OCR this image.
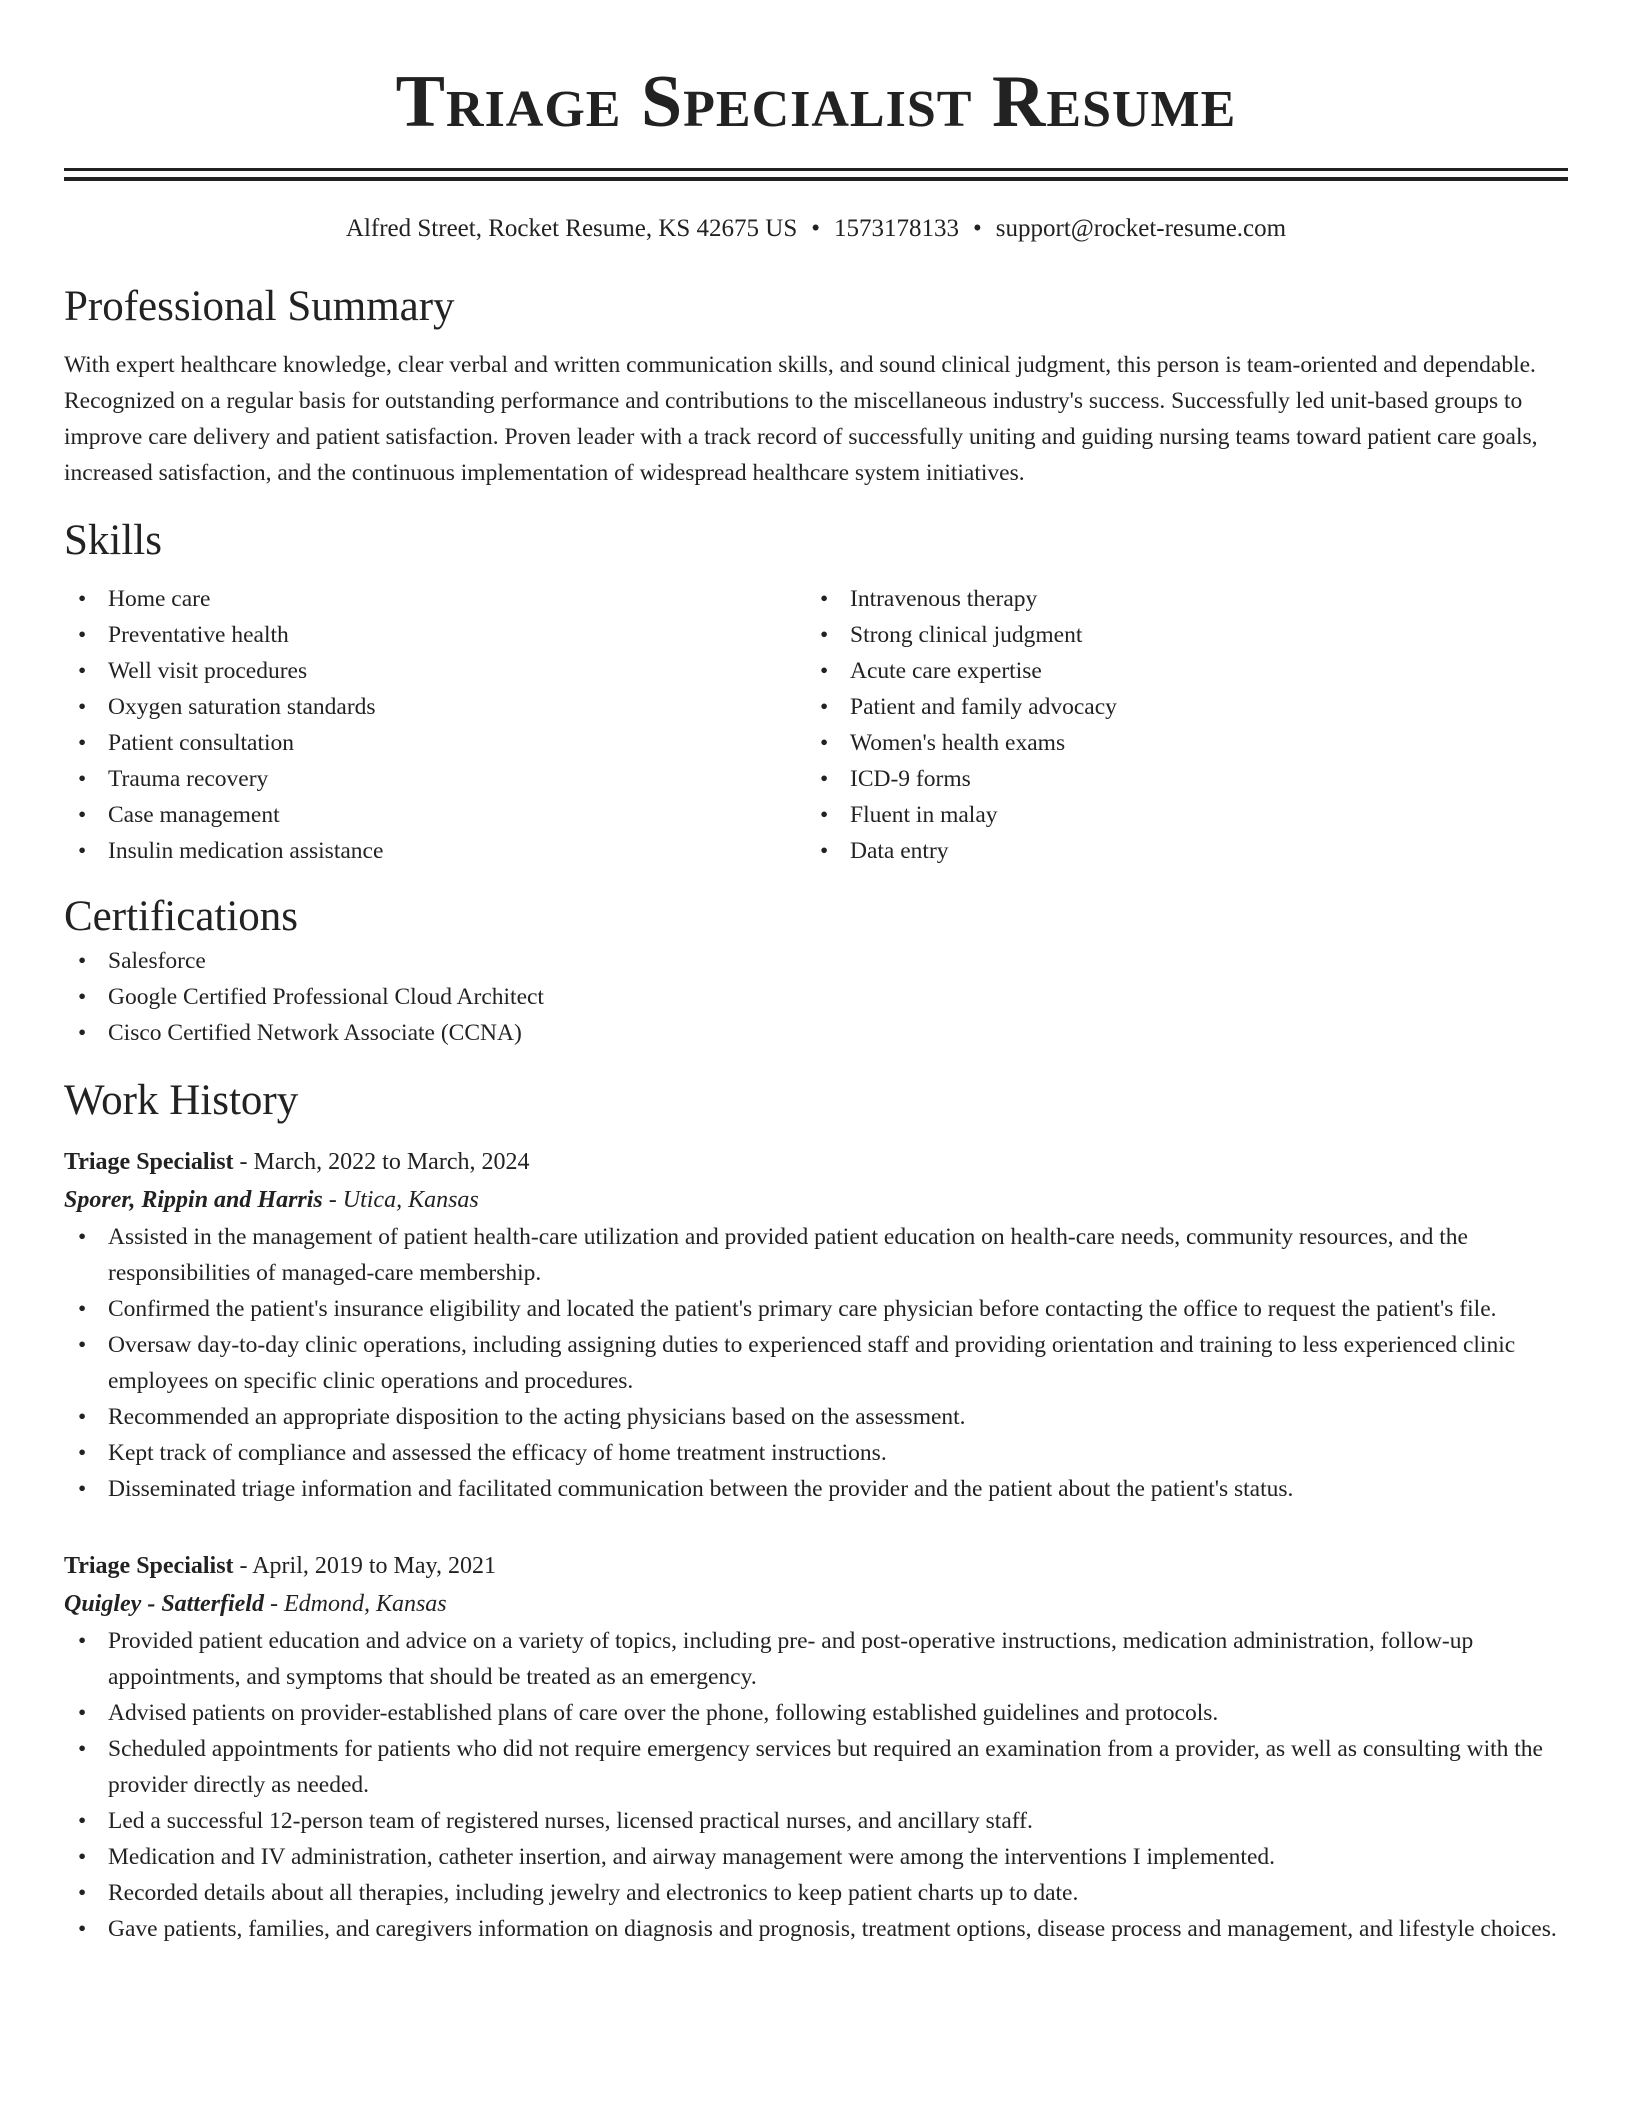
Triage Specialist Resume
Alfred Street, Rocket Resume, KS 42675 US • 1573178133 • support@rocket-resume.com
Professional Summary

With expert healthcare knowledge, clear verbal and written communication skills, and sound clinical judgment, this person is team-oriented and dependable. Recognized on a regular basis for outstanding performance and contributions to the miscellaneous industry's success. Successfully led unit-based groups to improve care delivery and patient satisfaction. Proven leader with a track record of successfully uniting and guiding nursing teams toward patient care goals, increased satisfaction, and the continuous implementation of widespread healthcare system initiatives.

Skills
• Home care
• Preventative health
• Well visit procedures
• Oxygen saturation standards
• Patient consultation
• Trauma recovery
• Case management
• Insulin medication assistance
• Intravenous therapy
• Strong clinical judgment
• Acute care expertise
• Patient and family advocacy
• Women's health exams
• ICD-9 forms
• Fluent in malay
• Data entry
Certifications
• Salesforce
• Google Certified Professional Cloud Architect
• Cisco Certified Network Associate (CCNA)
Work History
Triage Specialist - March, 2022 to March, 2024
Sporer, Rippin and Harris - Utica, Kansas
• Assisted in the management of patient health-care utilization and provided patient education on health-care needs, community resources, and the responsibilities of managed-care membership.
• Confirmed the patient's insurance eligibility and located the patient's primary care physician before contacting the office to request the patient's file.
• Oversaw day-to-day clinic operations, including assigning duties to experienced staff and providing orientation and training to less experienced clinic employees on specific clinic operations and procedures.
• Recommended an appropriate disposition to the acting physicians based on the assessment.
• Kept track of compliance and assessed the efficacy of home treatment instructions.
• Disseminated triage information and facilitated communication between the provider and the patient about the patient's status.
Triage Specialist - April, 2019 to May, 2021
Quigley - Satterfield - Edmond, Kansas
• Provided patient education and advice on a variety of topics, including pre- and post-operative instructions, medication administration, follow-up appointments, and symptoms that should be treated as an emergency.
• Advised patients on provider-established plans of care over the phone, following established guidelines and protocols.
• Scheduled appointments for patients who did not require emergency services but required an examination from a provider, as well as consulting with the provider directly as needed.
• Led a successful 12-person team of registered nurses, licensed practical nurses, and ancillary staff.
• Medication and IV administration, catheter insertion, and airway management were among the interventions I implemented.
• Recorded details about all therapies, including jewelry and electronics to keep patient charts up to date.
• Gave patients, families, and caregivers information on diagnosis and prognosis, treatment options, disease process and management, and lifestyle choices.
